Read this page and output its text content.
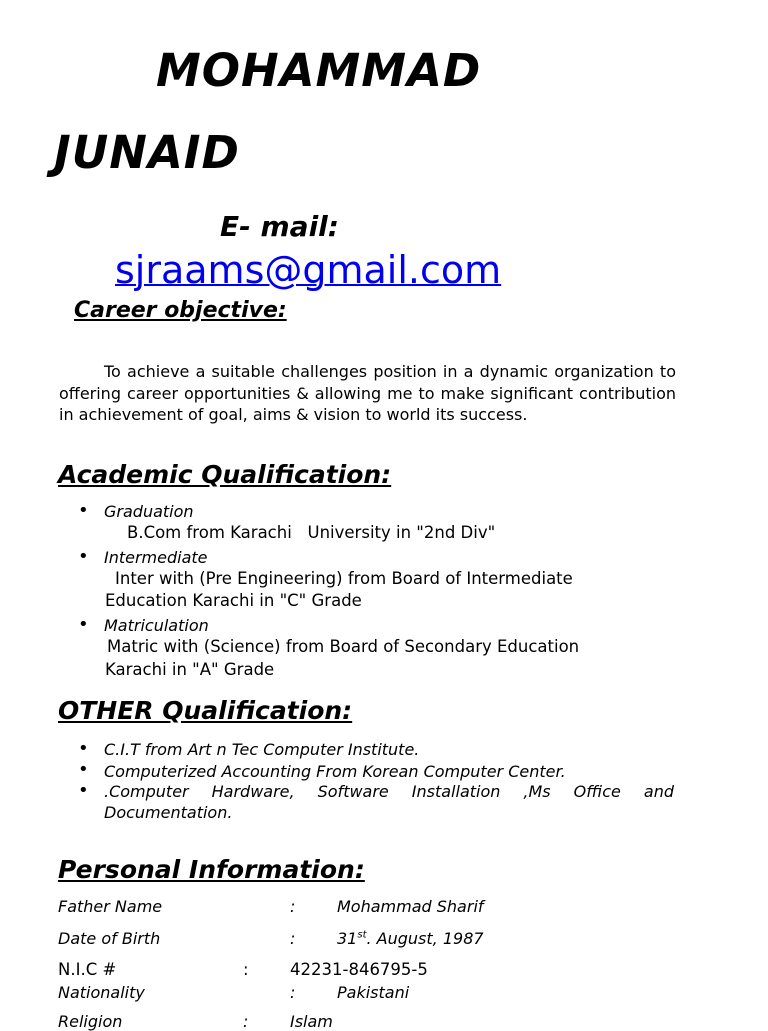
MOHAMMAD
JUNAID
E- mail:
sjraams@gmail.com
Career objective:

To achieve a suitable challenges position in a dynamic organization to offering career opportunities & allowing me to make significant contribution in achievement of goal, aims & vision to world its success.

Academic Qualification:
• Graduation
B.Com from Karachi   University in "2nd Div"
• Intermediate
Inter with (Pre Engineering) from Board of Intermediate
Education Karachi in "C" Grade
• Matriculation
Matric with (Science) from Board of Secondary Education
Karachi in "A" Grade
OTHER Qualification:
• C.I.T from Art n Tec Computer Institute.
• Computerized Accounting From Korean Computer Center.
• .Computer Hardware, Software Installation ,Ms Office and
Documentation.
Personal Information:
Father Name	:	Mohammad Sharif
Date of Birth	:	31st. August, 1987
N.I.C #	:	42231-846795-5
Nationality	:	Pakistani
Religion	:	Islam
